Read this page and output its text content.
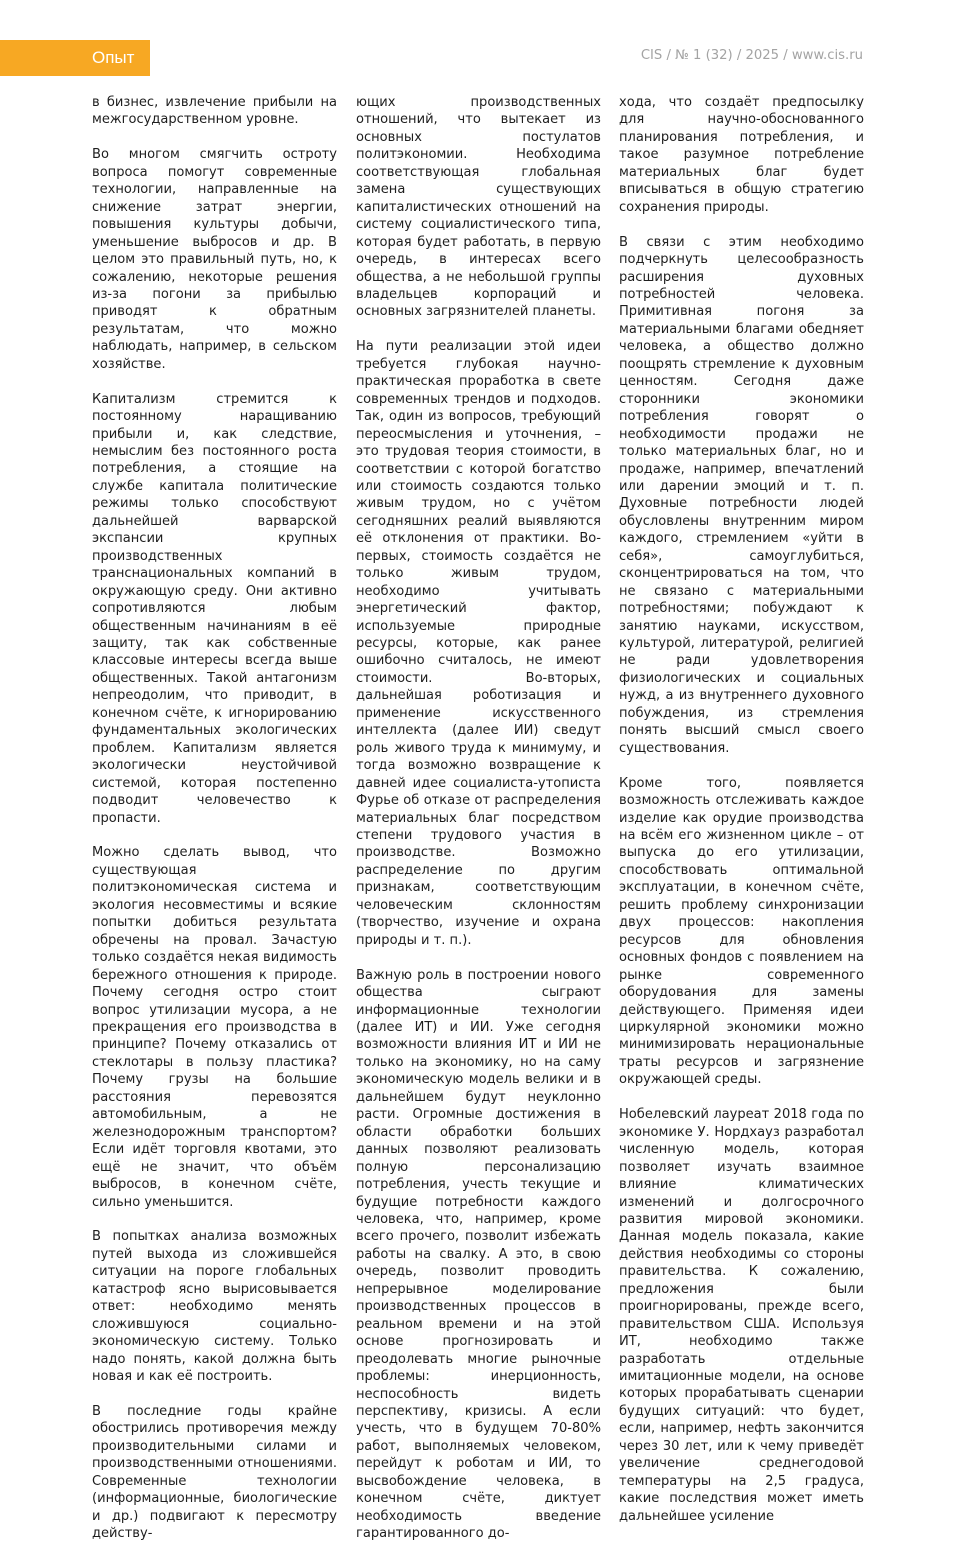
Опыт	CIS / № 1 (32) / 2025 / www.cis.ru

в бизнес, извлечение прибыли на межгосударственном уровне.

Во многом смягчить остроту вопроса помогут современные технологии, направленные на снижение затрат энергии, повышения культуры добычи, уменьшение выбросов и др. В целом это правильный путь, но, к сожалению, некоторые решения из-за погони за прибылью приводят к обратным результатам, что можно наблюдать, например, в сельском хозяйстве.

Капитализм стремится к постоянному наращиванию прибыли и, как следствие, немыслим без постоянного роста потребления, а стоящие на службе капитала политические режимы только способствуют дальнейшей варварской экспансии крупных производственных транснациональных компаний в окружающую среду. Они активно сопротивляются любым общественным начинаниям в её защиту, так как собственные классовые интересы всегда выше общественных. Такой антагонизм непреодолим, что приводит, в конечном счёте, к игнорированию фундаментальных экологических проблем. Капитализм является экологически неустойчивой системой, которая постепенно подводит человечество к пропасти.

Можно сделать вывод, что существующая политэкономическая система и экология несовместимы и всякие попытки добиться результата обречены на провал. Зачастую только создаётся некая видимость бережного отношения к природе. Почему сегодня остро стоит вопрос утилизации мусора, а не прекращения его производства в принципе? Почему отказались от стеклотары в пользу пластика? Почему грузы на большие расстояния перевозятся автомобильным, а не железнодорожным транспортом? Если идёт торговля квотами, это ещё не значит, что объём выбросов, в конечном счёте, сильно уменьшится.

В попытках анализа возможных путей выхода из сложившейся ситуации на пороге глобальных катастроф ясно вырисовывается ответ: необходимо менять сложившуюся социально-экономическую систему. Только надо понять, какой должна быть новая и как её построить.

В последние годы крайне обострились противоречия между производительными силами и производственными отношениями. Современные технологии (информационные, биологические и др.) подвигают к пересмотру действу-

ющих производственных отношений, что вытекает из основных постулатов политэкономии. Необходима соответствующая глобальная замена существующих капиталистических отношений на систему социалистического типа, которая будет работать, в первую очередь, в интересах всего общества, а не небольшой группы владельцев корпораций и основных загрязнителей планеты.

На пути реализации этой идеи требуется глубокая научно-практическая проработка в свете современных трендов и подходов. Так, один из вопросов, требующий переосмысления и уточнения, – это трудовая теория стоимости, в соответствии с которой богатство или стоимость создаются только живым трудом, но с учётом сегодняшних реалий выявляются её отклонения от практики. Во-первых, стоимость создаётся не только живым трудом, необходимо учитывать энергетический фактор, используемые природные ресурсы, которые, как ранее ошибочно считалось, не имеют стоимости. Во-вторых, дальнейшая роботизация и применение искусственного интеллекта (далее ИИ) сведут роль живого труда к минимуму, и тогда возможно возвращение к давней идее социалиста-утописта Фурье об отказе от распределения материальных благ посредством степени трудового участия в производстве. Возможно распределение по другим признакам, соответствующим человеческим склонностям (творчество, изучение и охрана природы и т. п.).

Важную роль в построении нового общества сыграют информационные технологии (далее ИТ) и ИИ. Уже сегодня возможности влияния ИТ и ИИ не только на экономику, но на саму экономическую модель велики и в дальнейшем будут неуклонно расти. Огромные достижения в области обработки больших данных позволяют реализовать полную персонализацию потребления, учесть текущие и будущие потребности каждого человека, что, например, кроме всего прочего, позволит избежать работы на свалку. А это, в свою очередь, позволит проводить непрерывное моделирование производственных процессов в реальном времени и на этой основе прогнозировать и преодолевать многие рыночные проблемы: инерционность, неспособность видеть перспективу, кризисы. А если учесть, что в будущем 70-80% работ, выполняемых человеком, перейдут к роботам и ИИ, то высвобождение человека, в конечном счёте, диктует необходимость введение гарантированного до-

хода, что создаёт предпосылку для научно-обоснованного планирования потребления, и такое разумное потребление материальных благ будет вписываться в общую стратегию сохранения природы.

В связи с этим необходимо подчеркнуть целесообразность расширения духовных потребностей человека. Примитивная погоня за материальными благами обедняет человека, а общество должно поощрять стремление к духовным ценностям. Сегодня даже сторонники экономики потребления говорят о необходимости продажи не только материальных благ, но и продаже, например, впечатлений или дарении эмоций и т. п. Духовные потребности людей обусловлены внутренним миром каждого, стремлением «уйти в себя», самоуглубиться, сконцентрироваться на том, что не связано с материальными потребностями; побуждают к занятию науками, искусством, культурой, литературой, религией не ради удовлетворения физиологических и социальных нужд, а из внутреннего духовного побуждения, из стремления понять высший смысл своего существования.

Кроме того, появляется возможность отслеживать каждое изделие как орудие производства на всём его жизненном цикле – от выпуска до его утилизации, способствовать оптимальной эксплуатации, в конечном счёте, решить проблему синхронизации двух процессов: накопления ресурсов для обновления основных фондов с появлением на рынке современного оборудования для замены действующего. Применяя идеи циркулярной экономики можно минимизировать нерациональные траты ресурсов и загрязнение окружающей среды.

Нобелевский лауреат 2018 года по экономике У. Нордхауз разработал численную модель, которая позволяет изучать взаимное влияние климатических изменений и долгосрочного развития мировой экономики. Данная модель показала, какие действия необходимы со стороны правительства. К сожалению, предложения были проигнорированы, прежде всего, правительством США. Используя ИТ, необходимо также разработать отдельные имитационные модели, на основе которых прорабатывать сценарии будущих ситуаций: что будет, если, например, нефть закончится через 30 лет, или к чему приведёт увеличение среднегодовой температуры на 2,5 градуса, какие последствия может иметь дальнейшее усиление
